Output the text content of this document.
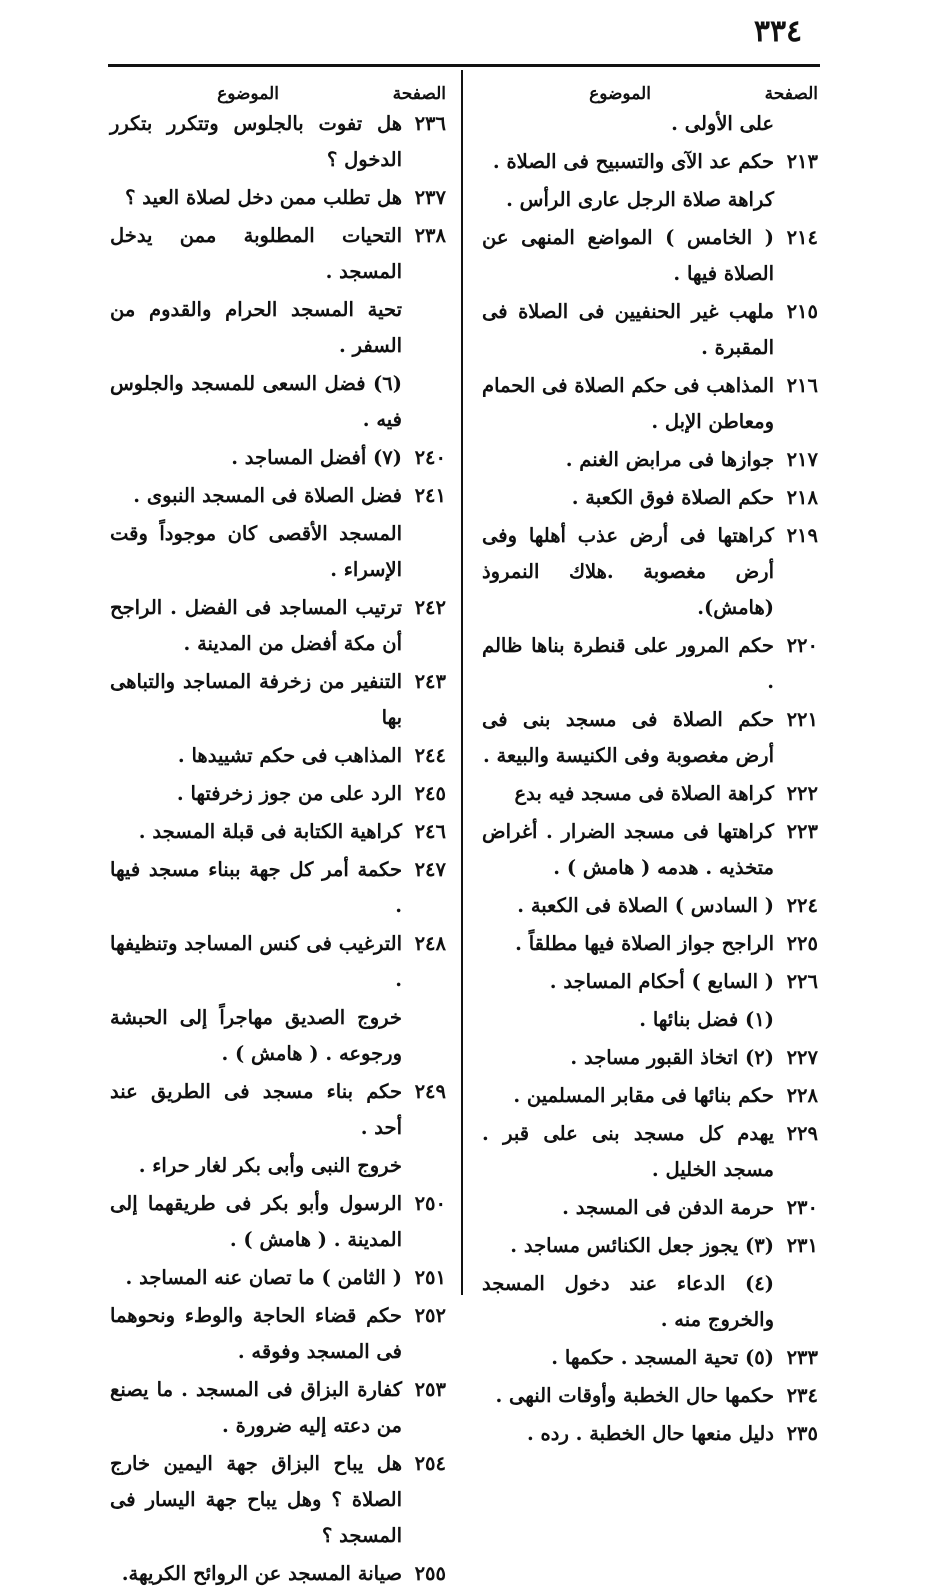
٣٣٤
الصفحة
الموضوع
على الأولى .
٢١٣
حكم عد الآى والتسبيح فى الصلاة .
كراهة صلاة الرجل عارى الرأس .
٢١٤
( الخامس ) المواضع المنهى عن الصلاة فيها .
٢١٥
ملهب غير الحنفيين فى الصلاة فى المقبرة .
٢١٦
المذاهب فى حكم الصلاة فى الحمام ومعاطن الإبل .
٢١٧
جوازها فى مرابض الغنم .
٢١٨
حكم الصلاة فوق الكعبة .
٢١٩
كراهتها فى أرض عذب أهلها وفى أرض مغصوبة .هلاك النمروذ (هامش).
٢٢٠
حكم المرور على قنطرة بناها ظالم .
٢٢١
حكم الصلاة فى مسجد بنى فى أرض مغصوبة وفى الكنيسة والبيعة .
٢٢٢
كراهة الصلاة فى مسجد فيه بدع
٢٢٣
كراهتها فى مسجد الضرار . أغراض متخذيه . هدمه ( هامش ) .
٢٢٤
( السادس ) الصلاة فى الكعبة .
٢٢٥
الراجح جواز الصلاة فيها مطلقاً .
٢٢٦
( السابع ) أحكام المساجد .
(١) فضل بنائها .
٢٢٧
(٢) اتخاذ القبور مساجد .
٢٢٨
حكم بنائها فى مقابر المسلمين .
٢٢٩
يهدم كل مسجد بنى على قبر . مسجد الخليل .
٢٣٠
حرمة الدفن فى المسجد .
٢٣١
(٣) يجوز جعل الكنائس مساجد .
(٤) الدعاء عند دخول المسجد والخروج منه .
٢٣٣
(٥) تحية المسجد . حكمها .
٢٣٤
حكمها حال الخطبة وأوقات النهى .
٢٣٥
دليل منعها حال الخطبة . رده .
الصفحة
الموضوع
٢٣٦
هل تفوت بالجلوس وتتكرر بتكرر الدخول ؟
٢٣٧
هل تطلب ممن دخل لصلاة العيد ؟
٢٣٨
التحيات المطلوبة ممن يدخل المسجد .
تحية المسجد الحرام والقدوم من السفر .
(٦) فضل السعى للمسجد والجلوس فيه .
٢٤٠
(٧) أفضل المساجد .
٢٤١
فضل الصلاة فى المسجد النبوى .
المسجد الأقصى كان موجوداً وقت الإسراء .
٢٤٢
ترتيب المساجد فى الفضل . الراجح أن مكة أفضل من المدينة .
٢٤٣
التنفير من زخرفة المساجد والتباهى بها
٢٤٤
المذاهب فى حكم تشييدها .
٢٤٥
الرد على من جوز زخرفتها .
٢٤٦
كراهية الكتابة فى قبلة المسجد .
٢٤٧
حكمة أمر كل جهة ببناء مسجد فيها .
٢٤٨
الترغيب فى كنس المساجد وتنظيفها .
خروج الصديق مهاجراً إلى الحبشة ورجوعه . ( هامش ) .
٢٤٩
حكم بناء مسجد فى الطريق عند أحد .
خروج النبى وأبى بكر لغار حراء .
٢٥٠
الرسول وأبو بكر فى طريقهما إلى المدينة . ( هامش ) .
٢٥١
( الثامن ) ما تصان عنه المساجد .
٢٥٢
حكم قضاء الحاجة والوطء ونحوهما فى المسجد وفوقه .
٢٥٣
كفارة البزاق فى المسجد . ما يصنع من دعته إليه ضرورة .
٢٥٤
هل يباح البزاق جهة اليمين خارج الصلاة ؟ وهل يباح جهة اليسار فى المسجد ؟
٢٥٥
صيانة المسجد عن الروائح الكريهة.
